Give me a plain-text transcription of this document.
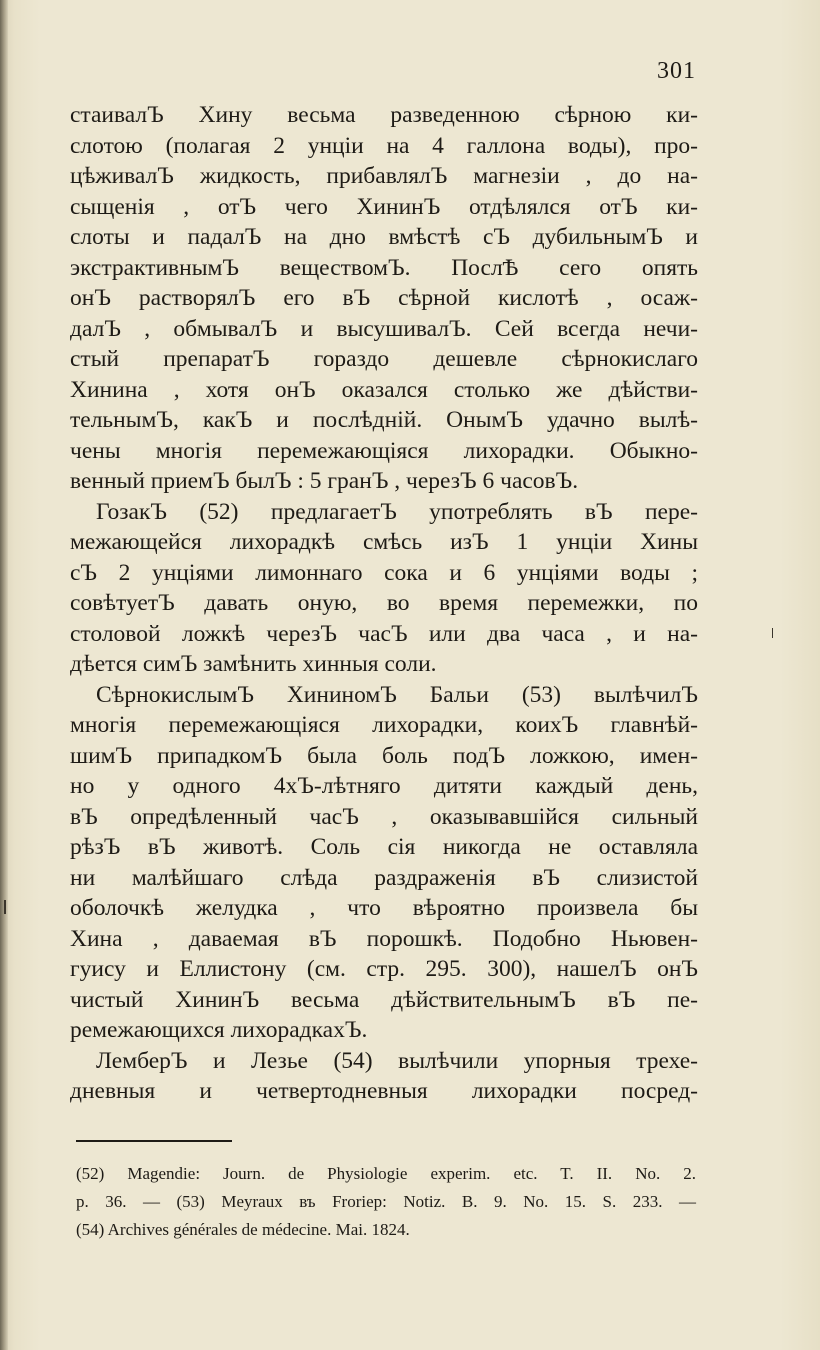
301
стаивалЪ Хину весьма разведенною сѣрною ки-
слотою (полагая 2 унціи на 4 галлона воды), про-
цѣживалЪ жидкость, прибавлялЪ магнезіи , до на-
сыщенія , отЪ чего ХининЪ отдѣлялся отЪ ки-
слоты и падалЪ на дно вмѣстѣ сЪ дубильнымЪ и
экстрактивнымЪ веществомЪ. ПослѢ сего опять
онЪ растворялЪ его вЪ сѣрной кислотѣ , осаж-
далЪ , обмывалЪ и высушивалЪ. Сей всегда нечи-
стый препаратЪ гораздо дешевле сѣрнокислаго
Хинина , хотя онЪ оказался столько же дѣйстви-
тельнымЪ, какЪ и послѣдній. ОнымЪ удачно вылѣ-
чены многія перемежающіяся лихорадки. Обыкно-
венный приемЪ былЪ : 5 гранЪ , черезЪ 6 часовЪ.
ГозакЪ (52) предлагаетЪ употреблять вЪ пере-
межающейся лихорадкѣ смѣсь изЪ 1 унціи Хины
сЪ 2 унціями лимоннаго сока и 6 унціями воды ;
совѣтуетЪ давать оную, во время перемежки, по
столовой ложкѣ черезЪ часЪ или два часа , и на-
дѣется симЪ замѣнить хинныя соли.
СѣрнокислымЪ ХининомЪ Бальи (53) вылѣчилЪ
многія перемежающіяся лихорадки, коихЪ главнѣй-
шимЪ припадкомЪ была боль подЪ ложкою, имен-
но у одного 4хЪ-лѣтняго дитяти каждый день,
вЪ опредѣленный часЪ , оказывавшійся сильный
рѣзЪ вЪ животѣ. Соль сія никогда не оставляла
ни малѣйшаго слѣда раздраженія вЪ слизистой
оболочкѣ желудка , что вѣроятно произвела бы
Хина , даваемая вЪ порошкѣ. Подобно Ньювен-
гуису и Еллистону (см. стр. 295. 300), нашелЪ онЪ
чистый ХининЪ весьма дѣйствительнымЪ вЪ пе-
ремежающихся лихорадкахЪ.
ЛемберЪ и Лезье (54) вылѣчили упорныя трехе-
дневныя и четвертодневныя лихорадки посред-
(52) Magendie: Journ. de Physiologie experim. etc. T. II. No. 2.
p. 36. — (53) Meyraux въ Froriep: Notiz. B. 9. No. 15. S. 233. —
(54) Archives générales de médecine. Mai. 1824.
